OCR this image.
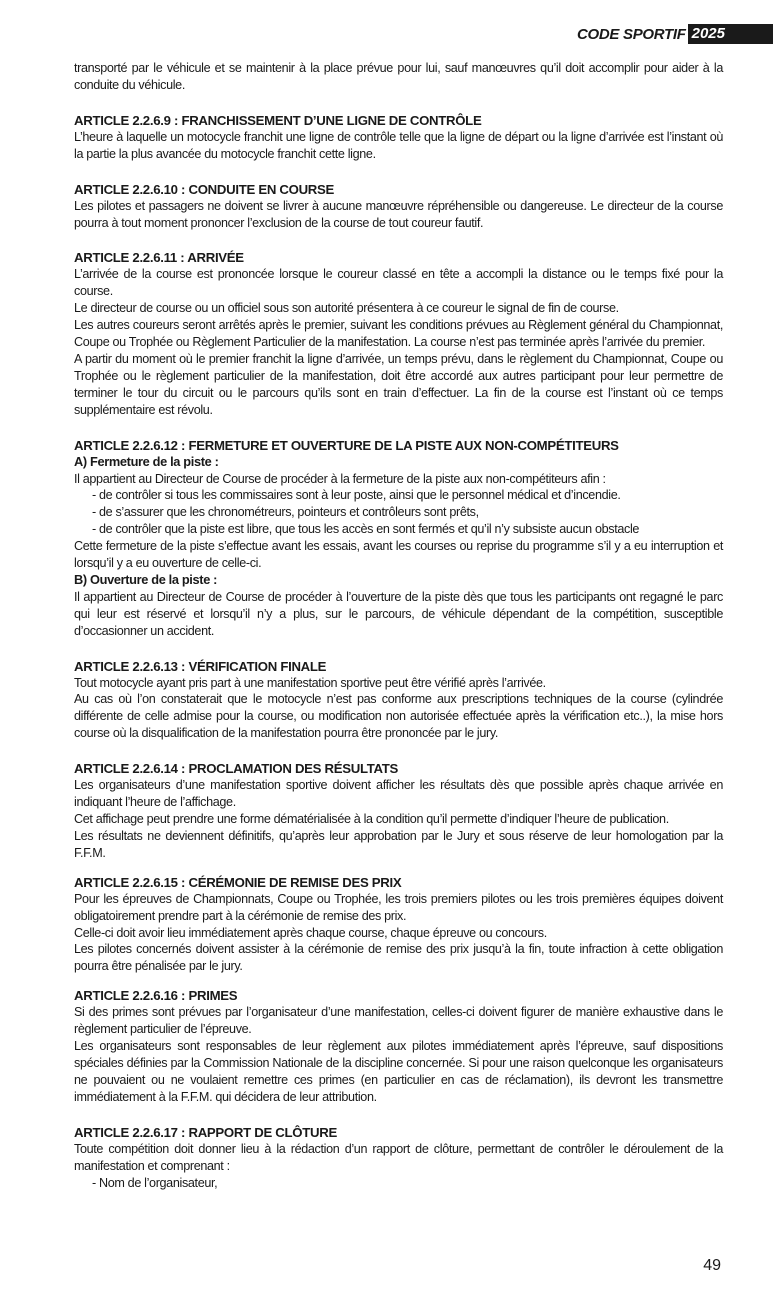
CODE SPORTIF 2025

transporté par le véhicule et se maintenir à la place prévue pour lui, sauf manœuvres qu’il doit accomplir pour aider à la conduite du véhicule.

ARTICLE 2.2.6.9 : FRANCHISSEMENT D’UNE LIGNE DE CONTRÔLE

L’heure à laquelle un motocycle franchit une ligne de contrôle telle que la ligne de départ ou la ligne d’arrivée est l’instant où la partie la plus avancée du motocycle franchit cette ligne.

ARTICLE 2.2.6.10 : CONDUITE EN COURSE

Les pilotes et passagers ne doivent se livrer à aucune manœuvre répréhensible ou dangereuse. Le directeur de la course pourra à tout moment prononcer l’exclusion de la course de tout coureur fautif.

ARTICLE 2.2.6.11 : ARRIVÉE

L’arrivée de la course est prononcée lorsque le coureur classé en tête a accompli la distance ou le temps fixé pour la course.

Le directeur de course ou un officiel sous son autorité présentera à ce coureur le signal de fin de course.

Les autres coureurs seront arrêtés après le premier, suivant les conditions prévues au Règlement général du Championnat, Coupe ou Trophée ou Règlement Particulier de la manifestation. La course n’est pas terminée après l’arrivée du premier.

A partir du moment où le premier franchit la ligne d’arrivée, un temps prévu, dans le règlement du Championnat, Coupe ou Trophée ou le règlement particulier de la manifestation, doit être accordé aux autres participant pour leur permettre de terminer le tour du circuit ou le parcours qu’ils sont en train d’effectuer. La fin de la course est l’instant où ce temps supplémentaire est révolu.

ARTICLE 2.2.6.12 : FERMETURE ET OUVERTURE DE LA PISTE AUX NON-COMPÉTITEURS
A) Fermeture de la piste :

Il appartient au Directeur de Course de procéder à la fermeture de la piste aux non-compétiteurs afin :

- de contrôler si tous les commissaires sont à leur poste, ainsi que le personnel médical et d’incendie.

- de s’assurer que les chronométreurs, pointeurs et contrôleurs sont prêts,

- de contrôler que la piste est libre, que tous les accès en sont fermés et qu’il n’y subsiste aucun obstacle

Cette fermeture de la piste s’effectue avant les essais, avant les courses ou reprise du programme s’il y a eu interruption et lorsqu’il y a eu ouverture de celle-ci.

B) Ouverture de la piste :

Il appartient au Directeur de Course de procéder à l’ouverture de la piste dès que tous les participants ont regagné le parc qui leur est réservé et lorsqu’il n’y a plus, sur le parcours, de véhicule dépendant de la compétition, susceptible d’occasionner un accident.

ARTICLE 2.2.6.13 : VÉRIFICATION FINALE

Tout motocycle ayant pris part à une manifestation sportive peut être vérifié après l’arrivée.

Au cas où l’on constaterait que le motocycle n’est pas conforme aux prescriptions techniques de la course (cylindrée différente de celle admise pour la course, ou modification non autorisée effectuée après la vérification etc..), la mise hors course où la disqualification de la manifestation pourra être prononcée par le jury.

ARTICLE 2.2.6.14 : PROCLAMATION DES RÉSULTATS

Les organisateurs d’une manifestation sportive doivent afficher les résultats dès que possible après chaque arrivée en indiquant l’heure de l’affichage.

Cet affichage peut prendre une forme dématérialisée à la condition qu’il permette d’indiquer l’heure de publication.

Les résultats ne deviennent définitifs, qu’après leur approbation par le Jury et sous réserve de leur homologation par la F.F.M.

ARTICLE 2.2.6.15 : CÉRÉMONIE DE REMISE DES PRIX

Pour les épreuves de Championnats, Coupe ou Trophée, les trois premiers pilotes ou les trois premières équipes doivent obligatoirement prendre part à la cérémonie de remise des prix.

Celle-ci doit avoir lieu immédiatement après chaque course, chaque épreuve ou concours.

Les pilotes concernés doivent assister à la cérémonie de remise des prix jusqu’à la fin, toute infraction à cette obligation pourra être pénalisée par le jury.

ARTICLE 2.2.6.16 : PRIMES

Si des primes sont prévues par l’organisateur d’une manifestation, celles-ci doivent figurer de manière exhaustive dans le règlement particulier de l’épreuve.

Les organisateurs sont responsables de leur règlement aux pilotes immédiatement après l’épreuve, sauf dispositions spéciales définies par la Commission Nationale de la discipline concernée. Si pour une raison quelconque les organisateurs ne pouvaient ou ne voulaient remettre ces primes (en particulier en cas de réclamation), ils devront les transmettre immédiatement à la F.F.M. qui décidera de leur attribution.

ARTICLE 2.2.6.17 : RAPPORT DE CLÔTURE

Toute compétition doit donner lieu à la rédaction d’un rapport de clôture, permettant de contrôler le déroulement de la manifestation et comprenant :

- Nom de l’organisateur,

49
